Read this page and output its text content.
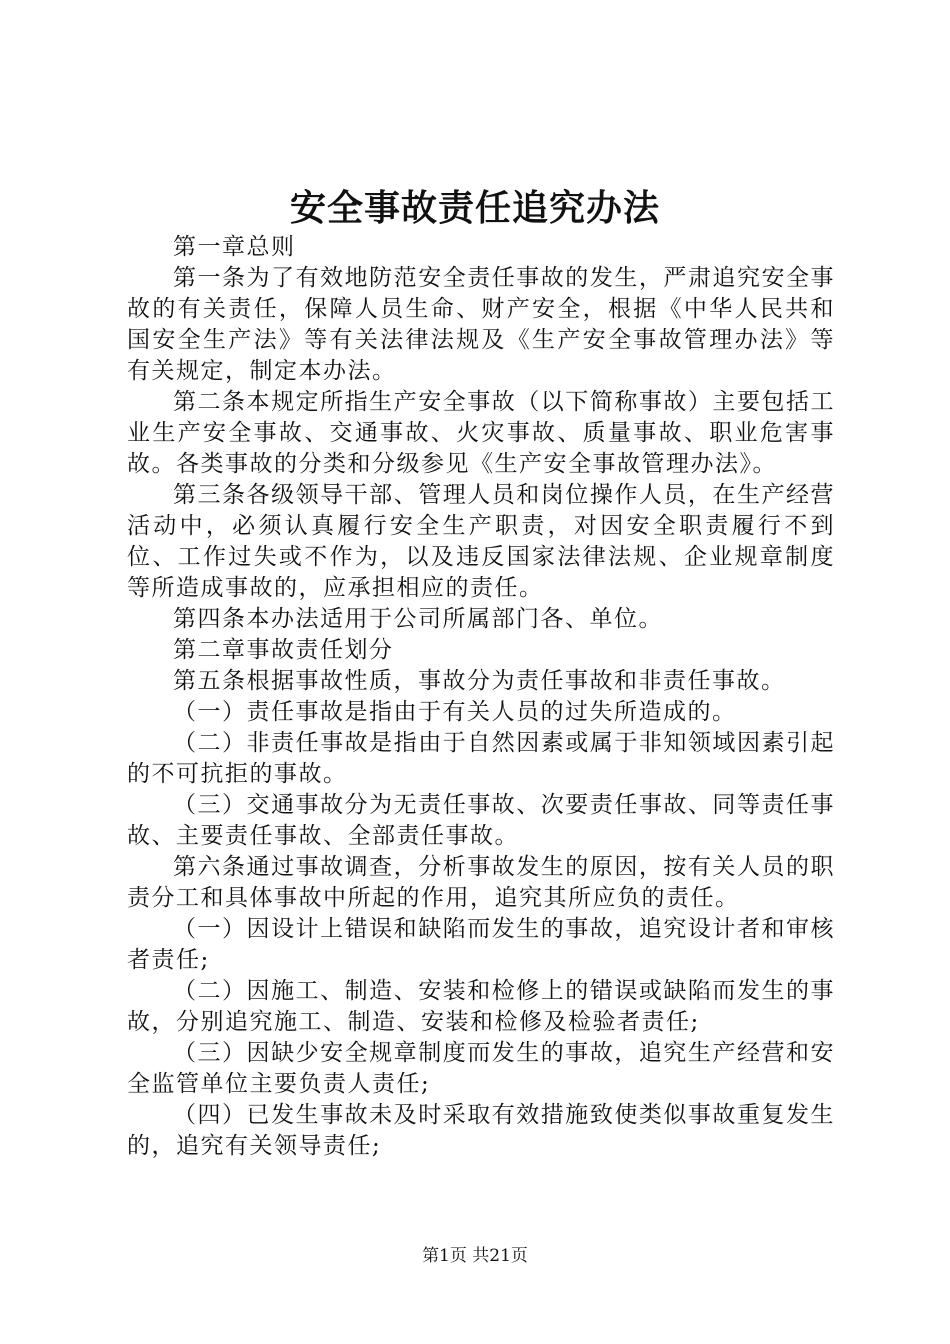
安全事故责任追究办法

第一章总则

第一条为了有效地防范安全责任事故的发生，严肃追究安全事故的有关责任，保障人员生命、财产安全，根据《中华人民共和国安全生产法》等有关法律法规及《生产安全事故管理办法》等有关规定，制定本办法。

第二条本规定所指生产安全事故（以下简称事故）主要包括工业生产安全事故、交通事故、火灾事故、质量事故、职业危害事故。各类事故的分类和分级参见《生产安全事故管理办法》。

第三条各级领导干部、管理人员和岗位操作人员，在生产经营活动中，必须认真履行安全生产职责，对因安全职责履行不到位、工作过失或不作为，以及违反国家法律法规、企业规章制度等所造成事故的，应承担相应的责任。

第四条本办法适用于公司所属部门各、单位。

第二章事故责任划分

第五条根据事故性质，事故分为责任事故和非责任事故。

（一）责任事故是指由于有关人员的过失所造成的。

（二）非责任事故是指由于自然因素或属于非知领域因素引起的不可抗拒的事故。

（三）交通事故分为无责任事故、次要责任事故、同等责任事故、主要责任事故、全部责任事故。

第六条通过事故调查，分析事故发生的原因，按有关人员的职责分工和具体事故中所起的作用，追究其所应负的责任。

（一）因设计上错误和缺陷而发生的事故，追究设计者和审核者责任;

（二）因施工、制造、安装和检修上的错误或缺陷而发生的事故，分别追究施工、制造、安装和检修及检验者责任;

（三）因缺少安全规章制度而发生的事故，追究生产经营和安全监管单位主要负责人责任;

（四）已发生事故未及时采取有效措施致使类似事故重复发生的，追究有关领导责任;

第1页 共21页
